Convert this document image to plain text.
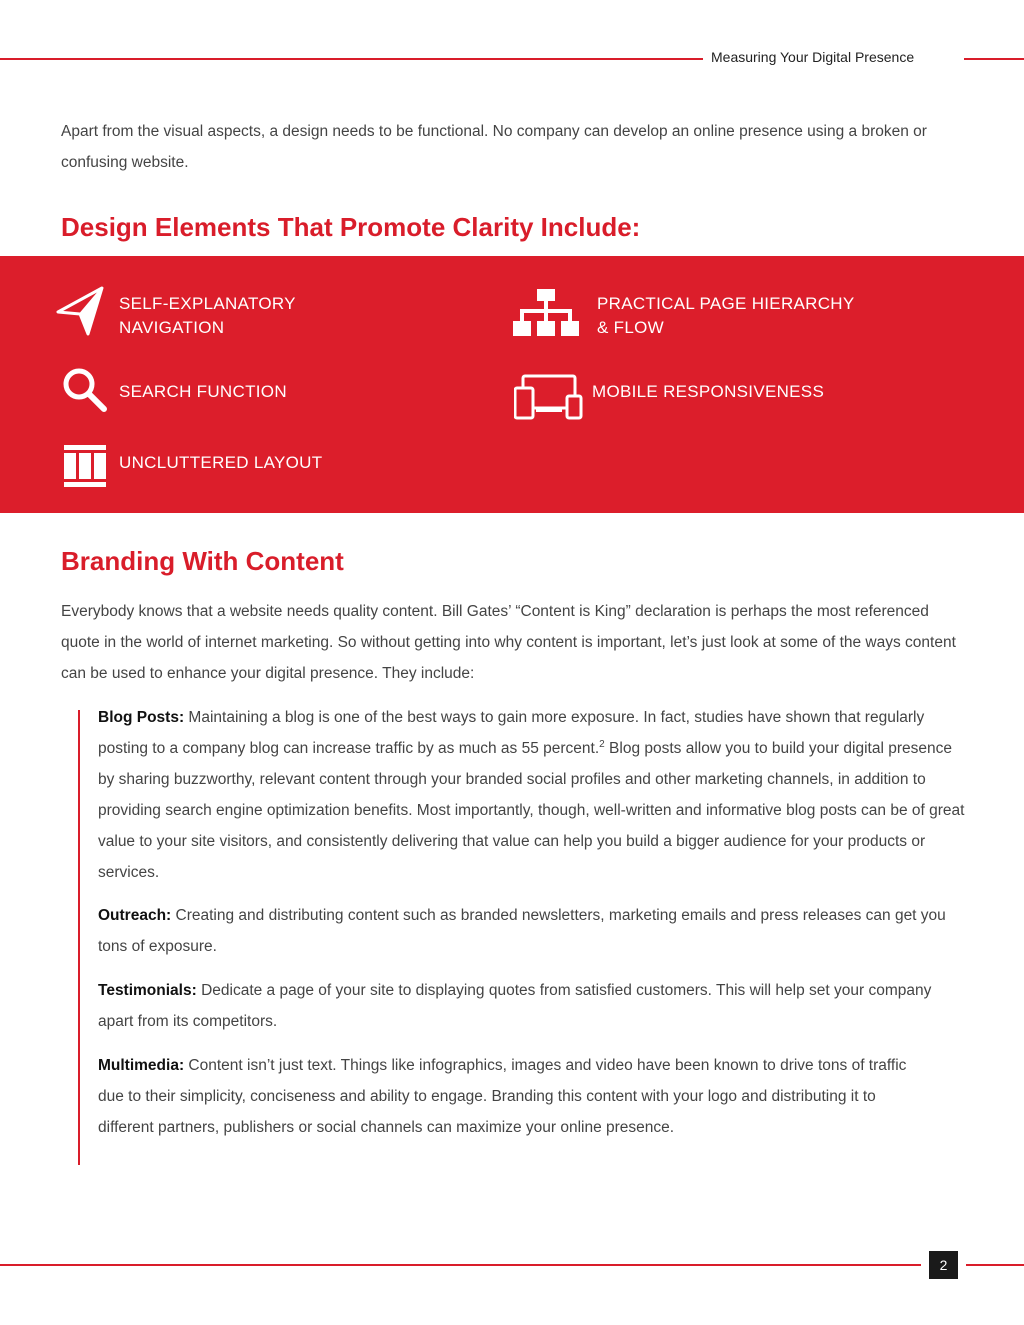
Measuring Your Digital Presence
Apart from the visual aspects, a design needs to be functional. No company can develop an online presence using a broken or confusing website.
Design Elements That Promote Clarity Include:
SELF-EXPLANATORY
NAVIGATION
PRACTICAL PAGE HIERARCHY
& FLOW
SEARCH FUNCTION	MOBILE RESPONSIVENESS
UNCLUTTERED LAYOUT
Branding With Content
Everybody knows that a website needs quality content. Bill Gates’ “Content is King” declaration is perhaps the most referenced quote in the world of internet marketing. So without getting into why content is important, let’s just look at some of the ways content can be used to enhance your digital presence. They include:
Blog Posts: Maintaining a blog is one of the best ways to gain more exposure. In fact, studies have shown that regularly posting to a company blog can increase traffic by as much as 55 percent.$^2$ Blog posts allow you to build your digital presence by sharing buzzworthy, relevant content through your branded social profiles and other marketing channels, in addition to providing search engine optimization benefits. Most importantly, though, well-written and informative blog posts can be of great value to your site visitors, and consistently delivering that value can help you build a bigger audience for your products or services.
Outreach: Creating and distributing content such as branded newsletters, marketing emails and press releases can get you tons of exposure.
Testimonials: Dedicate a page of your site to displaying quotes from satisfied customers. This will help set your company apart from its competitors.
Multimedia: Content isn’t just text. Things like infographics, images and video have been known to drive tons of traffic due to their simplicity, conciseness and ability to engage. Branding this content with your logo and distributing it to different partners, publishers or social channels can maximize your online presence.
2
